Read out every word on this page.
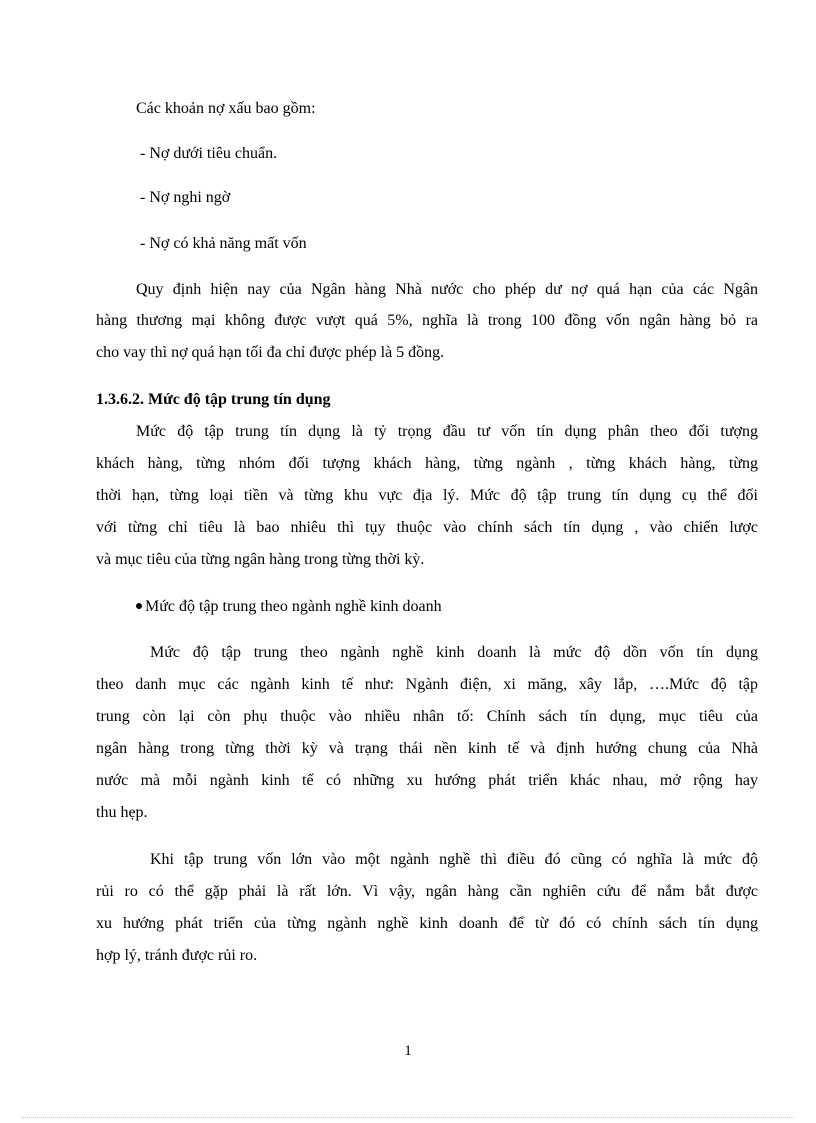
Các khoản nợ xấu bao gồm:
- Nợ dưới tiêu chuẩn.
- Nợ nghi ngờ
- Nợ có khả năng mất vốn
Quy định hiện nay của Ngân hàng Nhà nước cho phép dư nợ quá hạn của các Ngân
hàng thương mại không được vượt quá 5%, nghĩa là trong 100 đồng vốn ngân hàng bỏ ra
cho vay thì nợ quá hạn tối đa chỉ được phép là 5 đồng.
1.3.6.2. Mức độ tập trung tín dụng
Mức độ tập trung tín dụng là tỷ trọng đầu tư vốn tín dụng phân theo đối tượng
khách hàng, từng nhóm đối tượng khách hàng, từng ngành , từng khách hàng, từng
thời hạn, từng loại tiền và từng khu vực địa lý. Mức độ tập trung tín dụng cụ thể đối
với từng chỉ tiêu là bao nhiêu thì tụy thuộc vào chính sách tín dụng , vào chiến lược
và mục tiêu của từng ngân hàng trong từng thời kỳ.
Mức độ tập trung theo ngành nghề kinh doanh
Mức độ tập trung theo ngành nghề kinh doanh là mức độ dồn vốn tín dụng
theo danh mục các ngành kinh tế như: Ngành điện, xi măng, xây lắp, ….Mức độ tập
trung còn lại còn phụ thuộc vào nhiều nhân tố: Chính sách tín dụng, mục tiêu của
ngân hàng trong từng thời kỳ và trạng thái nền kinh tế và định hướng chung của Nhà
nước mà mỗi ngành kinh tế có những xu hướng phát triển khác nhau, mở rộng hay
thu hẹp.
Khi tập trung vốn lớn vào một ngành nghề thì điều đó cũng có nghĩa là mức độ
rủi ro có thể gặp phải là rất lớn. Vì vậy, ngân hàng cần nghiên cứu để nắm bắt được
xu hướng phát triển của từng ngành nghề kinh doanh để từ đó có chính sách tín dụng
hợp lý, tránh được rủi ro.
1
